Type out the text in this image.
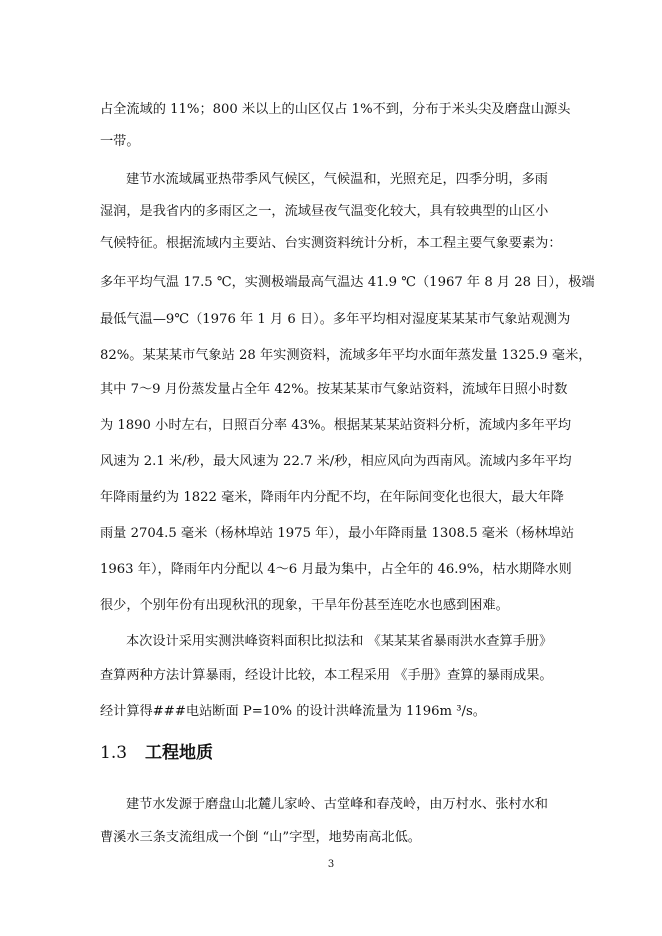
占全流域的 11%；800 米以上的山区仅占 1%不到，分布于米头尖及磨盘山源头
一带。
建节水流域属亚热带季风气候区，气候温和，光照充足，四季分明，多雨
湿润，是我省内的多雨区之一，流域昼夜气温变化较大，具有较典型的山区小
气候特征。根据流域内主要站、台实测资料统计分析，本工程主要气象要素为：
多年平均气温 17.5 ℃，实测极端最高气温达 41.9 ℃（1967 年 8 月 28 日），极端
最低气温—9℃（1976 年 1 月 6 日）。多年平均相对湿度某某某市气象站观测为
82%。某某某市气象站 28 年实测资料，流域多年平均水面年蒸发量 1325.9 毫米，
其中 7～9 月份蒸发量占全年 42%。按某某某市气象站资料，流域年日照小时数
为 1890 小时左右，日照百分率 43%。根据某某某站资料分析，流域内多年平均
风速为 2.1 米/秒，最大风速为 22.7 米/秒，相应风向为西南风。流域内多年平均
年降雨量约为 1822 毫米，降雨年内分配不均，在年际间变化也很大，最大年降
雨量 2704.5 毫米（杨林埠站 1975 年），最小年降雨量 1308.5 毫米（杨林埠站
1963 年），降雨年内分配以 4～6 月最为集中，占全年的 46.9%，枯水期降水则
很少，个别年份有出现秋汛的现象，干旱年份甚至连吃水也感到困难。
本次设计采用实测洪峰资料面积比拟法和 《某某某省暴雨洪水查算手册》
查算两种方法计算暴雨，经设计比较，本工程采用 《手册》查算的暴雨成果。
经计算得###电站断面 P=10% 的设计洪峰流量为 1196m ³/s。
1.3 工程地质
建节水发源于磨盘山北麓儿家岭、古堂峰和春茂岭，由万村水、张村水和
曹溪水三条支流组成一个倒 “山”字型，地势南高北低。
3
